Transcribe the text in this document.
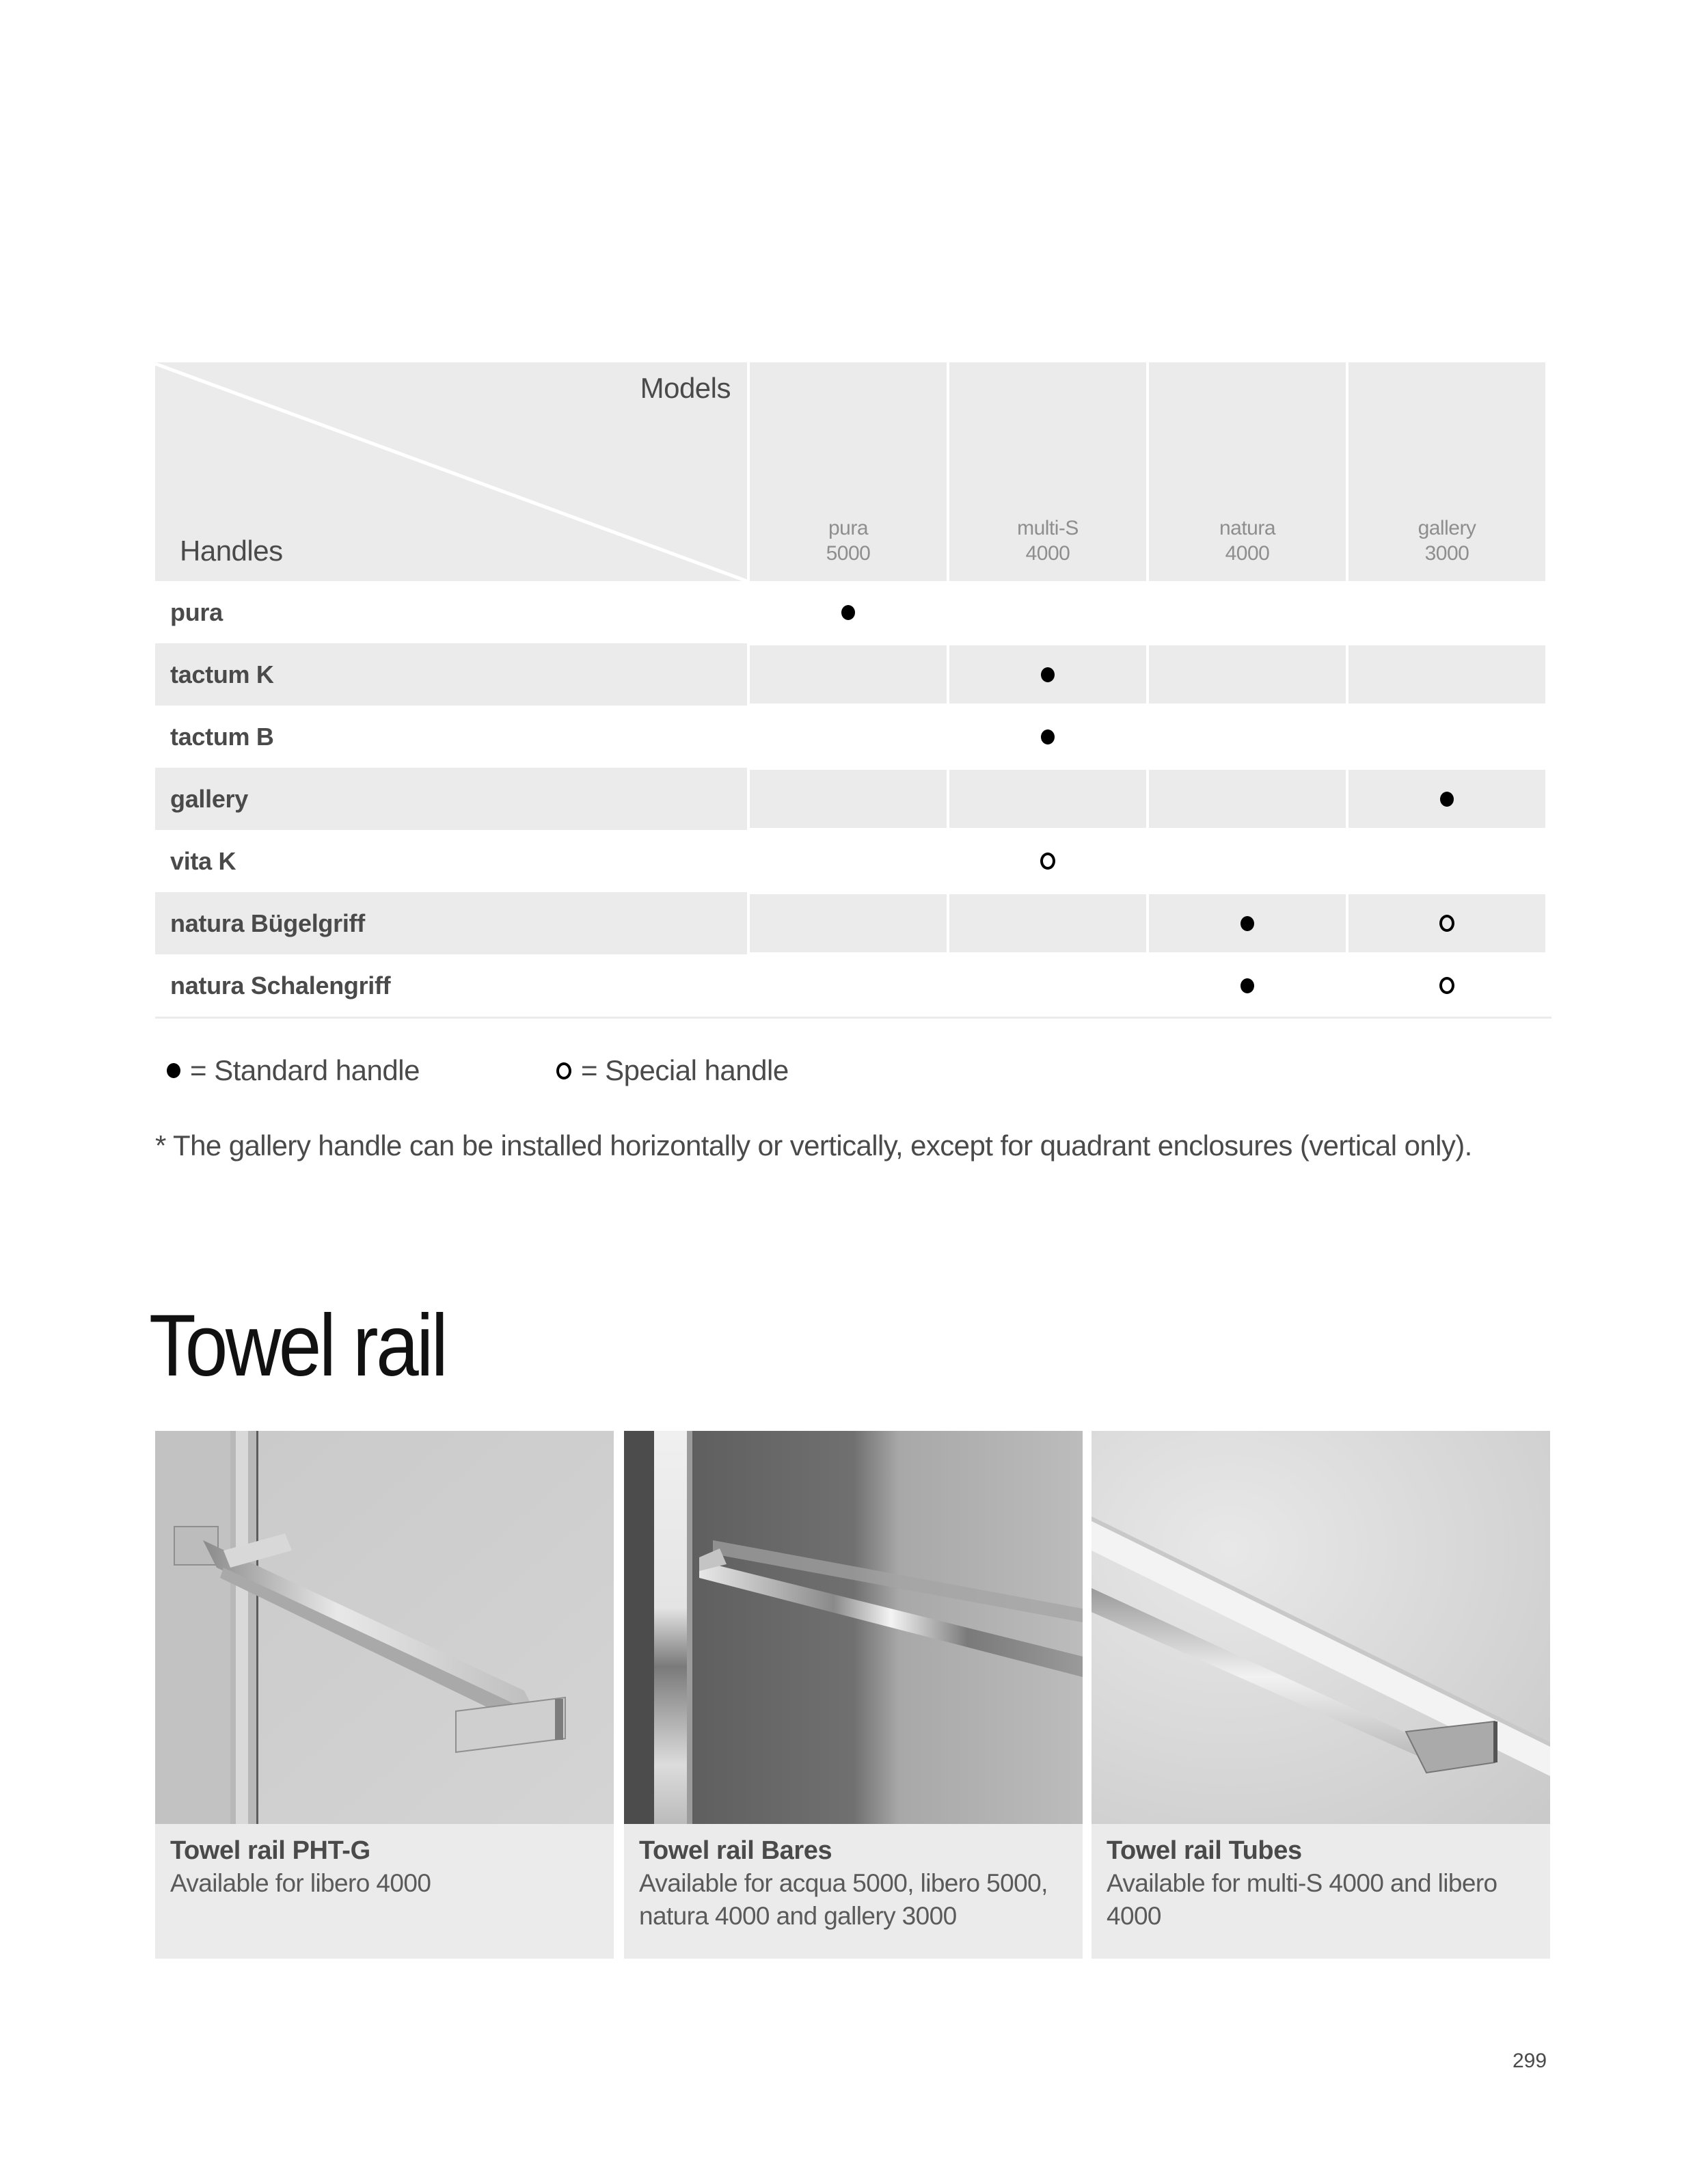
Models
Handles
pura
5000
multi-S
4000
natura
4000
gallery
3000
pura
tactum K
tactum B
gallery
vita K
natura Bügelgriff
natura Schalengriff
= Standard handle	= Special handle
* The gallery handle can be installed horizontally or vertically, except for quadrant enclosures (vertical only).
Towel rail
Towel rail PHT-G
Available for libero 4000
Towel rail Bares
Available for acqua 5000, libero 5000, natura 4000 and gallery 3000
Towel rail Tubes
Available for multi-S 4000 and libero 4000
299
